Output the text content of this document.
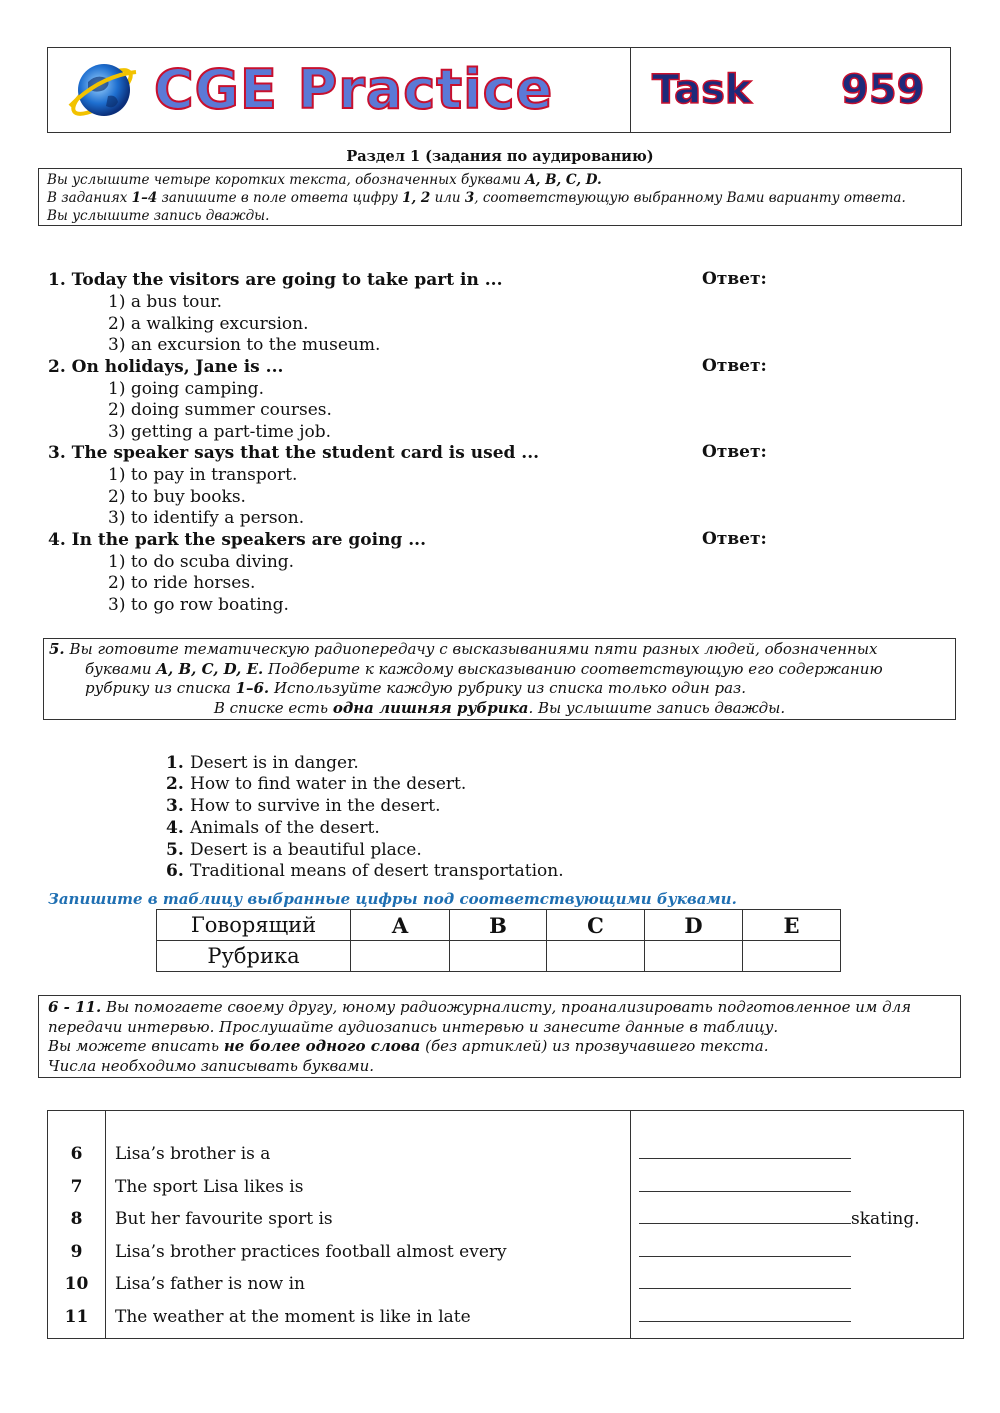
CGE Practice Task 959
Раздел 1 (задания по аудированию)
Вы услышите четыре коротких текста, обозначенных буквами A, B, C, D.
В заданиях 1–4 запишите в поле ответа цифру 1, 2 или 3, соответствующую выбранному Вами варианту ответа.
Вы услышите запись дважды.
1. Today the visitors are going to take part in ...	Ответ:
1) a bus tour.
2) a walking excursion.
3) an excursion to the museum.
2. On holidays, Jane is ...	Ответ:
1) going camping.
2) doing summer courses.
3) getting a part-time job.
3. The speaker says that the student card is used ...	Ответ:
1) to pay in transport.
2) to buy books.
3) to identify a person.
4. In the park the speakers are going ...	Ответ:
1) to do scuba diving.
2) to ride horses.
3) to go row boating.
5. Вы готовите тематическую радиопередачу с высказываниями пяти разных людей, обозначенных
буквами A, B, C, D, E. Подберите к каждому высказыванию соответствующую его содержанию
рубрику из списка 1–6. Используйте каждую рубрику из списка только один раз.
В списке есть одна лишняя рубрика. Вы услышите запись дважды.
1. Desert is in danger.
2. How to find water in the desert.
3. How to survive in the desert.
4. Animals of the desert.
5. Desert is a beautiful place.
6. Traditional means of desert transportation.
Запишите в таблицу выбранные цифры под соответствующими буквами.
Говорящий	A	B	C	D	E
Рубрика					
6 - 11. Вы помогаете своему другу, юному радиожурналисту, проанализировать подготовленное им для
передачи интервью. Прослушайте аудиозапись интервью и занесите данные в таблицу.
Вы можете вписать не более одного слова (без артиклей) из прозвучавшего текста.
Числа необходимо записывать буквами.
6	Lisa’s brother is a
7	The sport Lisa likes is
8	But her favourite sport is	skating.
9	Lisa’s brother practices football almost every
10	Lisa’s father is now in
11	The weather at the moment is like in late
